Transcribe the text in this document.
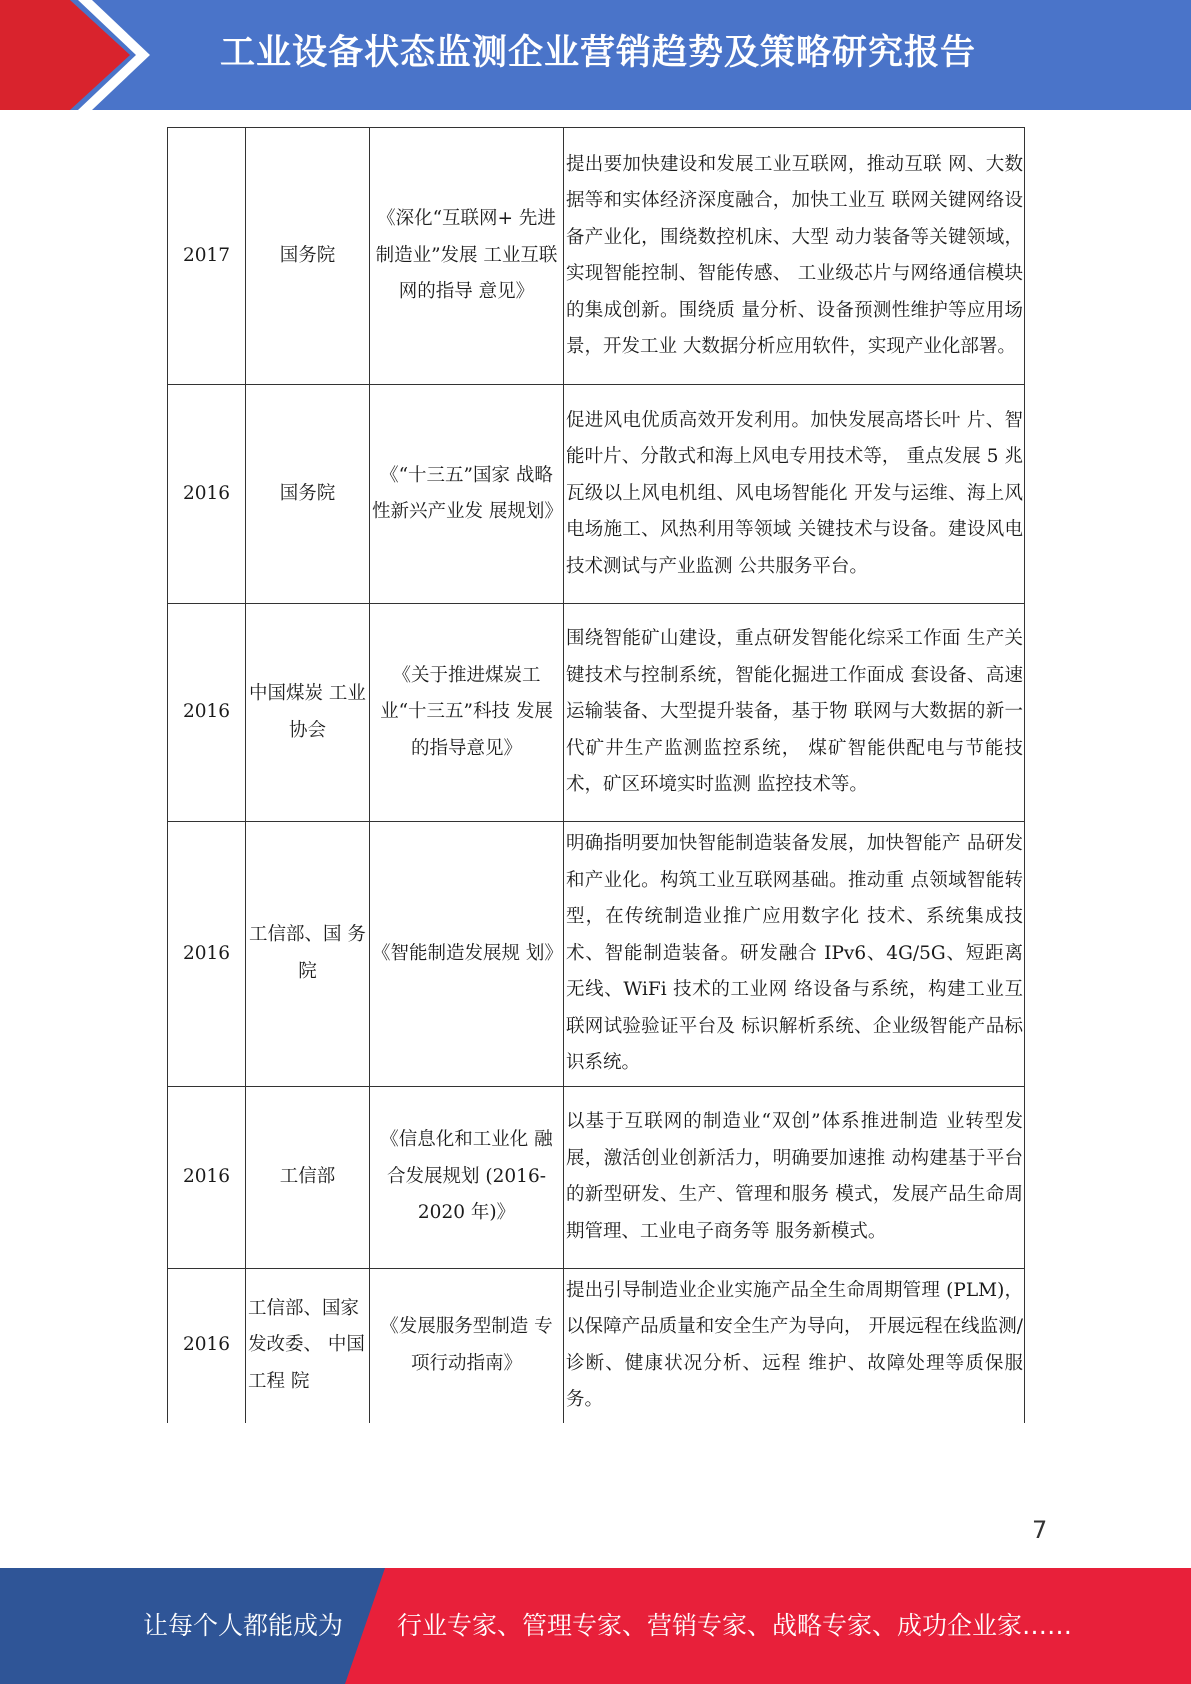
工业设备状态监测企业营销趋势及策略研究报告
2017	国务院	《深化“互联网+ 先进制造业”发展 工业互联网的指导 意见》	提出要加快建设和发展工业互联网，推动互联 网、大数据等和实体经济深度融合，加快工业互 联网关键网络设备产业化，围绕数控机床、大型 动力装备等关键领域，实现智能控制、智能传感、 工业级芯片与网络通信模块的集成创新。围绕质 量分析、设备预测性维护等应用场景，开发工业 大数据分析应用软件，实现产业化部署。

2016	国务院	《“十三五”国家 战略性新兴产业发 展规划》	促进风电优质高效开发利用。加快发展高塔长叶 片、智能叶片、分散式和海上风电专用技术等， 重点发展 5 兆瓦级以上风电机组、风电场智能化 开发与运维、海上风电场施工、风热利用等领域 关键技术与设备。建设风电技术测试与产业监测 公共服务平台。

2016	中国煤炭 工业协会	《关于推进煤炭工 业“十三五”科技 发展的指导意见》	围绕智能矿山建设，重点研发智能化综采工作面 生产关键技术与控制系统，智能化掘进工作面成 套设备、高速运输装备、大型提升装备，基于物 联网与大数据的新一代矿井生产监测监控系统， 煤矿智能供配电与节能技术，矿区环境实时监测 监控技术等。

2016	工信部、国 务院	《智能制造发展规 划》	明确指明要加快智能制造装备发展，加快智能产 品研发和产业化。构筑工业互联网基础。推动重 点领域智能转型，在传统制造业推广应用数字化 技术、系统集成技术、智能制造装备。研发融合 IPv6、4G/5G、短距离无线、WiFi 技术的工业网 络设备与系统，构建工业互联网试验验证平台及 标识解析系统、企业级智能产品标识系统。

2016	工信部	《信息化和工业化 融合发展规划 (2016-2020 年)》	以基于互联网的制造业“双创”体系推进制造 业转型发展，激活创业创新活力，明确要加速推 动构建基于平台的新型研发、生产、管理和服务 模式，发展产品生命周期管理、工业电子商务等 服务新模式。

2016	工信部、国家发改委、 中国工程 院	《发展服务型制造 专项行动指南》	提出引导制造业企业实施产品全生命周期管理 (PLM)，以保障产品质量和安全生产为导向， 开展远程在线监测/诊断、健康状况分析、远程 维护、故障处理等质保服务。
7
让每个人都能成为 行业专家、管理专家、营销专家、战略专家、成功企业家……
